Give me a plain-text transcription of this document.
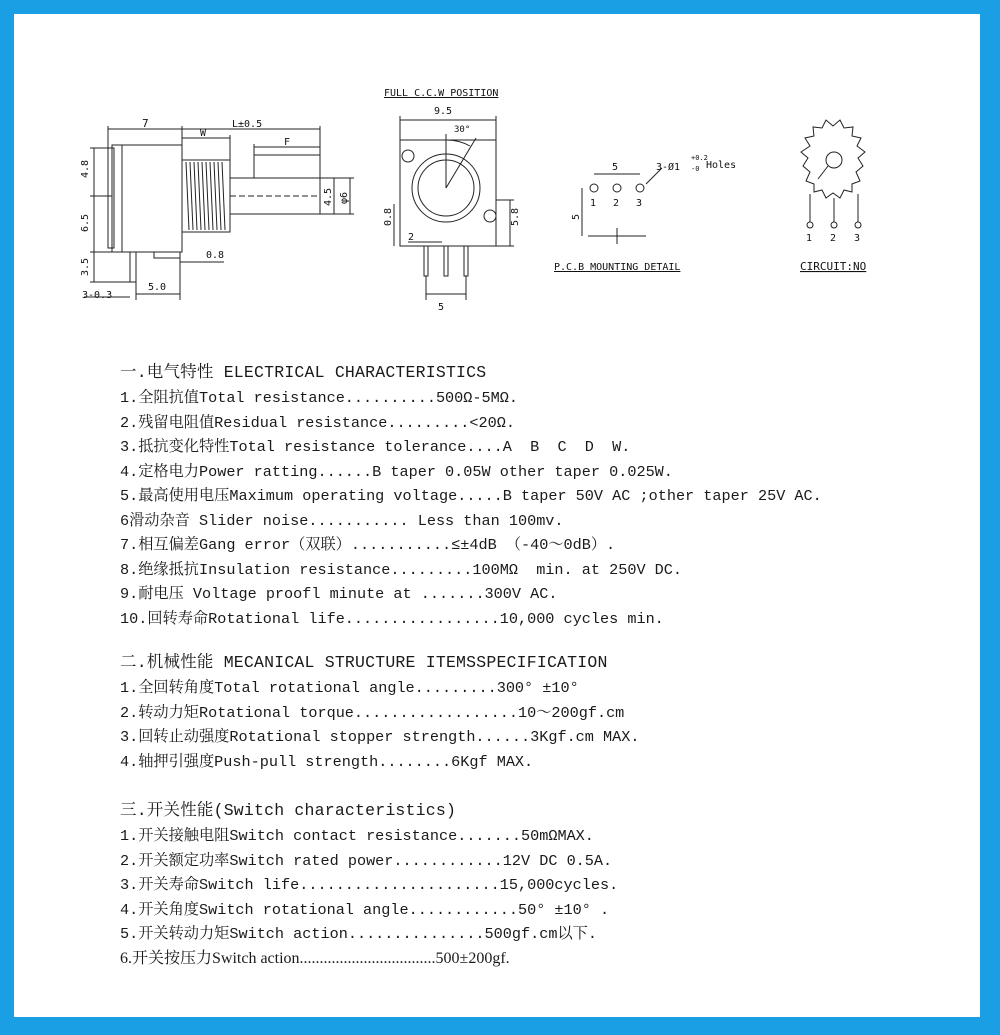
7
W
L±0.5
F
4.8
6.5
3.5
4.5 φ6
0.8
5.0
3-0.3
FULL C.C.W POSITION
9.5
30°
0.8	5.8
2
5
5
5
1 2 3
3-Ø1
+0.2
-0 Holes
P.C.B MOUNTING DETAIL
1 2 3
CIRCUIT:NO
一.电气特性 ELECTRICAL CHARACTERISTICS
1.全阻抗值Total resistance..........500Ω-5MΩ.
2.残留电阻值Residual resistance.........<20Ω.
3.抵抗变化特性Total resistance tolerance....A  B  C  D  W.
4.定格电力Power ratting......B taper 0.05W other taper 0.025W.
5.最高使用电压Maximum operating voltage.....B taper 50V AC ;other taper 25V AC.
6滑动杂音 Slider noise........... Less than 100mv.
7.相互偏差Gang error（双联）...........≤±4dB （-40～0dB）.
8.绝缘抵抗Insulation resistance.........100MΩ  min. at 250V DC.
9.耐电压 Voltage proofl minute at .......300V AC.
10.回转寿命Rotational life.................10,000 cycles min.
二.机械性能 MECANICAL STRUCTURE ITEMSSPECIFICATION
1.全回转角度Total rotational angle.........300° ±10°
2.转动力矩Rotational torque..................10～200gf.cm
3.回转止动强度Rotational stopper strength......3Kgf.cm MAX.
4.轴押引强度Push-pull strength........6Kgf MAX.
三.开关性能(Switch characteristics)
1.开关接触电阻Switch contact resistance.......50mΩMAX.
2.开关额定功率Switch rated power............12V DC 0.5A.
3.开关寿命Switch life......................15,000cycles.
4.开关角度Switch rotational angle............50° ±10° .
5.开关转动力矩Switch action...............500gf.cm以下.
6.开关按压力Switch action..................................500±200gf.
